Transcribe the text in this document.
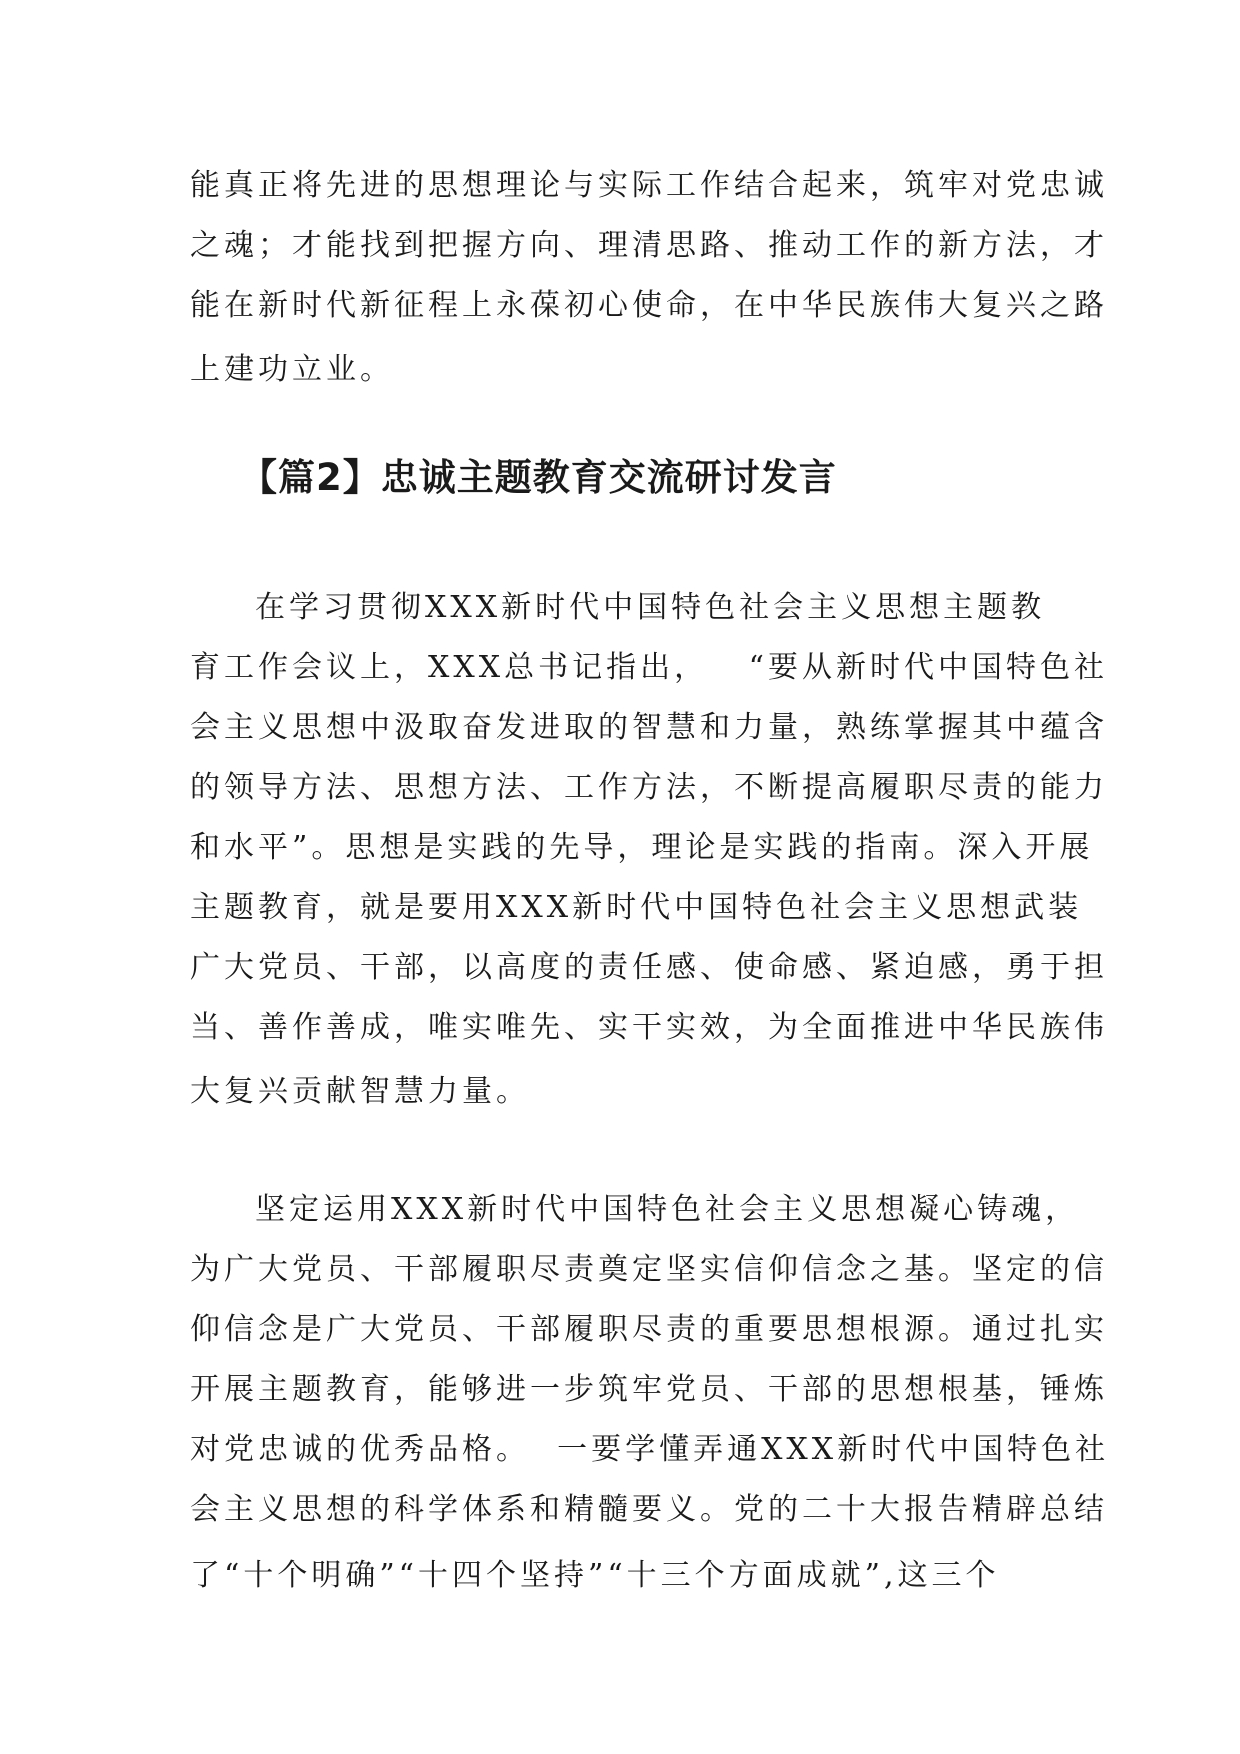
能真正将先进的思想理论与实际工作结合起来，筑牢对党忠诚

之魂；才能找到把握方向、理清思路、推动工作的新方法，才

能在新时代新征程上永葆初心使命，在中华民族伟大复兴之路

上建功立业。

【篇2】忠诚主题教育交流研讨发言

在学习贯彻XXX新时代中国特色社会主义思想主题教

育工作会议上，XXX总书记指出，   “要从新时代中国特色社

会主义思想中汲取奋发进取的智慧和力量，熟练掌握其中蕴含

的领导方法、思想方法、工作方法，不断提高履职尽责的能力

和水平”。思想是实践的先导，理论是实践的指南。深入开展

主题教育，就是要用XXX新时代中国特色社会主义思想武装

广大党员、干部，以高度的责任感、使命感、紧迫感，勇于担

当、善作善成，唯实唯先、实干实效，为全面推进中华民族伟

大复兴贡献智慧力量。

坚定运用XXX新时代中国特色社会主义思想凝心铸魂，

为广大党员、干部履职尽责奠定坚实信仰信念之基。坚定的信

仰信念是广大党员、干部履职尽责的重要思想根源。通过扎实

开展主题教育，能够进一步筑牢党员、干部的思想根基，锤炼

对党忠诚的优秀品格。  一要学懂弄通XXX新时代中国特色社

会主义思想的科学体系和精髓要义。党的二十大报告精辟总结

了“十个明确”“十四个坚持”“十三个方面成就”,这三个
